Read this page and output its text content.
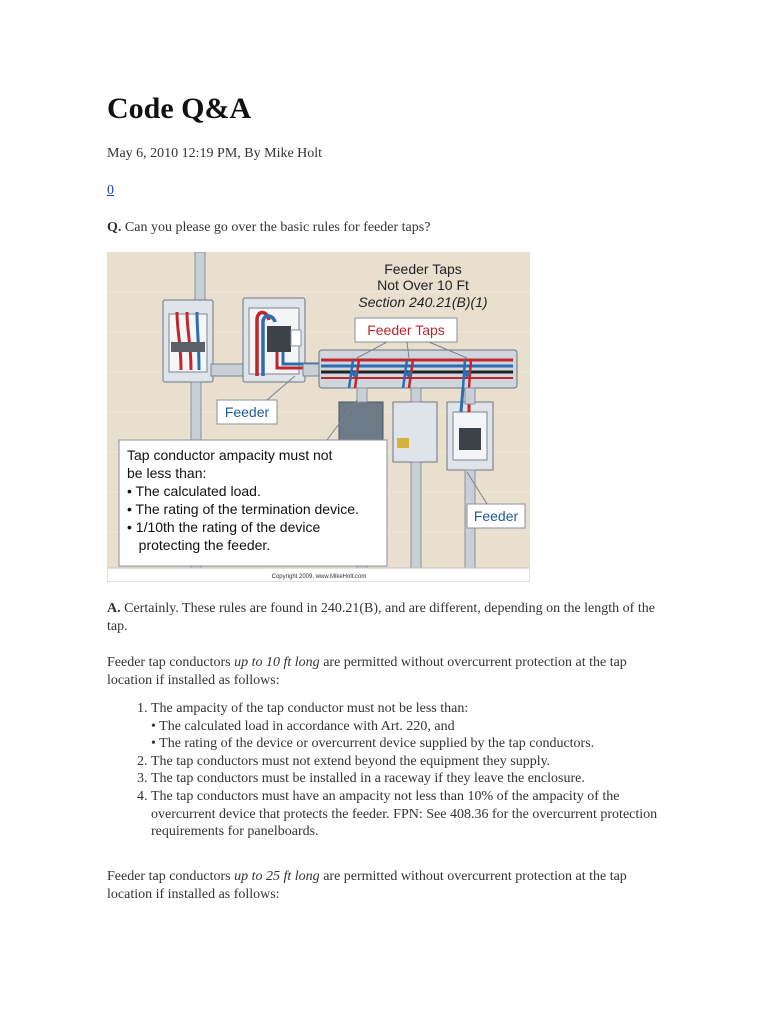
Code Q&A
May 6, 2010 12:19 PM, By Mike Holt
0

Q. Can you please go over the basic rules for feeder taps?

Feeder Taps
Not Over 10 Ft
Section 240.21(B)(1)
Feeder Taps
Feeder
Feeder
Tap conductor ampacity must not
be less than:
• The calculated load.
• The rating of the termination device.
• 1/10th the rating of the device
protecting the feeder.
Copyright 2009, www.MikeHolt.com

A. Certainly. These rules are found in 240.21(B), and are different, depending on the length of the tap.

Feeder tap conductors up to 10 ft long are permitted without overcurrent protection at the tap location if installed as follows:

1. The ampacity of the tap conductor must not be less than:
• The calculated load in accordance with Art. 220, and
• The rating of the device or overcurrent device supplied by the tap conductors.
2. The tap conductors must not extend beyond the equipment they supply.
3. The tap conductors must be installed in a raceway if they leave the enclosure.
4. The tap conductors must have an ampacity not less than 10% of the ampacity of the overcurrent device that protects the feeder. FPN: See 408.36 for the overcurrent protection requirements for panelboards.

Feeder tap conductors up to 25 ft long are permitted without overcurrent protection at the tap location if installed as follows:
